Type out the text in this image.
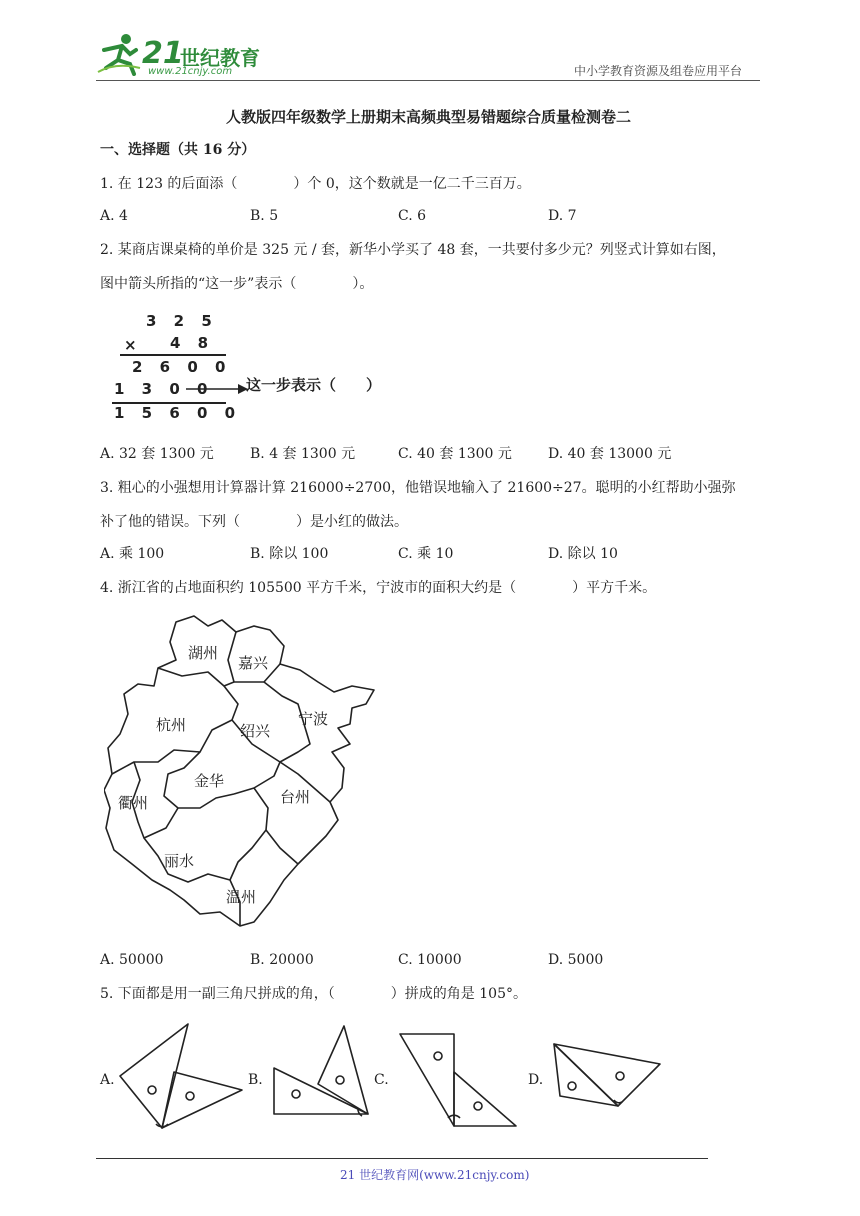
21
世纪教育
www.21cnjy.com	中小学教育资源及组卷应用平台
人教版四年级数学上册期末高频典型易错题综合质量检测卷二
一、选择题（共 16 分）
1. 在 123 的后面添（　　　　）个 0，这个数就是一亿二千三百万。
A. 4	B. 5	C. 6	D. 7
2. 某商店课桌椅的单价是 325 元 / 套，新华小学买了 48 套，一共要付多少元？列竖式计算如右图，
图中箭头所指的“这一步”表示（　　　　）。
3 2 5
× 4 8
2 6 0 0
1 3 0 0 这一步表示（　　）
1 5 6 0 0
A. 32 套 1300 元	B. 4 套 1300 元	C. 40 套 1300 元	D. 40 套 13000 元
3. 粗心的小强想用计算器计算 216000÷2700，他错误地输入了 21600÷27。聪明的小红帮助小强弥
补了他的错误。下列（　　　　）是小红的做法。
A. 乘 100	B. 除以 100	C. 乘 10	D. 除以 10
4. 浙江省的占地面积约 105500 平方千米，宁波市的面积大约是（　　　　）平方千米。
湖州
嘉兴
杭州	绍兴
宁波
金华
衢州	台州
丽水
温州
A. 50000	B. 20000	C. 10000	D. 5000
5. 下面都是用一副三角尺拼成的角，（　　　　）拼成的角是 105°。
A.	B.	C.	D.
21 世纪教育网(www.21cnjy.com)
